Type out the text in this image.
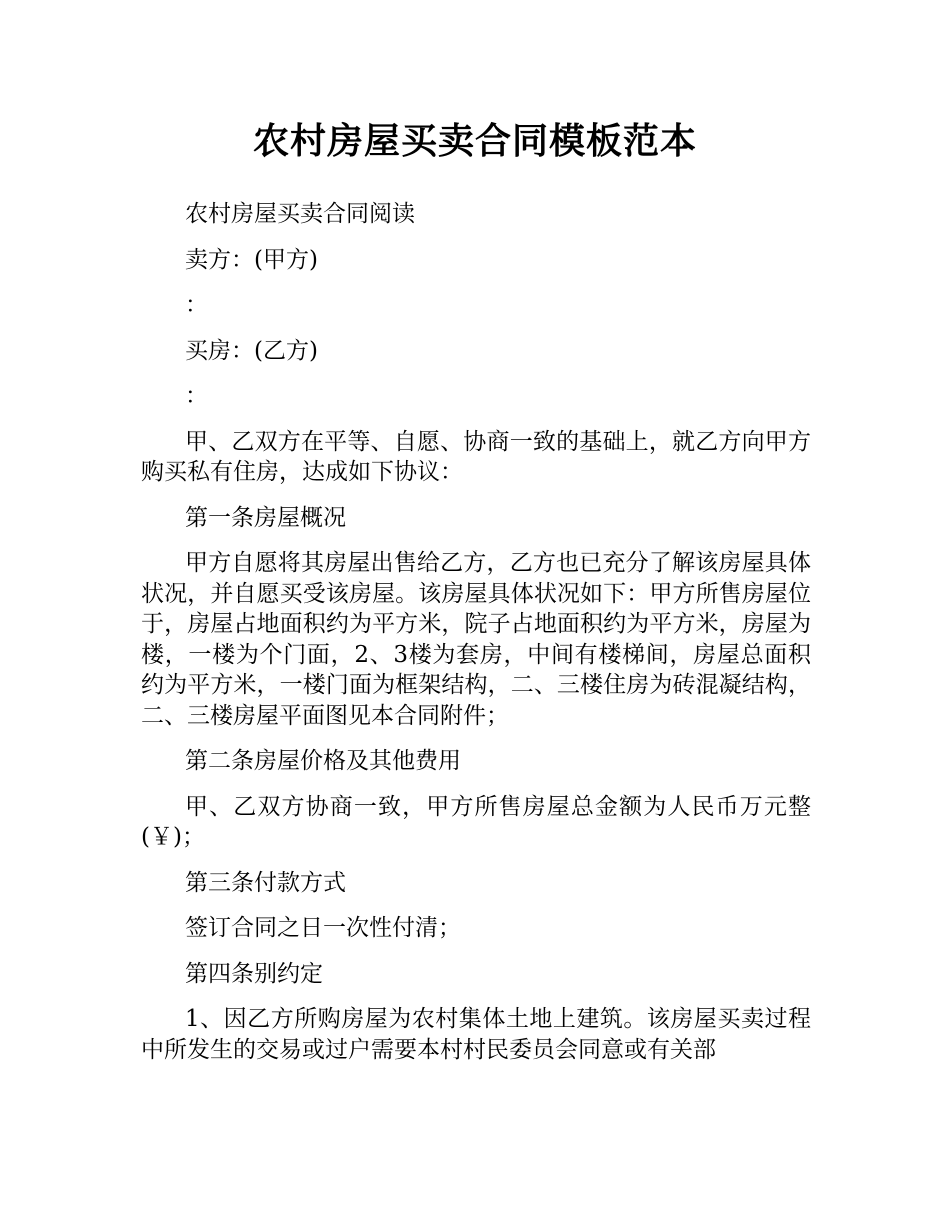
农村房屋买卖合同模板范本

农村房屋买卖合同阅读

卖方：(甲方)

：

买房：(乙方)

：

甲、乙双方在平等、自愿、协商一致的基础上，就乙方向甲方购买私有住房，达成如下协议：

第一条房屋概况

甲方自愿将其房屋出售给乙方，乙方也已充分了解该房屋具体状况，并自愿买受该房屋。该房屋具体状况如下：甲方所售房屋位于，房屋占地面积约为平方米，院子占地面积约为平方米，房屋为楼，一楼为个门面，2、3楼为套房，中间有楼梯间，房屋总面积约为平方米，一楼门面为框架结构，二、三楼住房为砖混凝结构，二、三楼房屋平面图见本合同附件；

第二条房屋价格及其他费用

甲、乙双方协商一致，甲方所售房屋总金额为人民币万元整(￥)；

第三条付款方式

签订合同之日一次性付清；

第四条别约定

1、因乙方所购房屋为农村集体土地上建筑。该房屋买卖过程中所发生的交易或过户需要本村村民委员会同意或有关部
